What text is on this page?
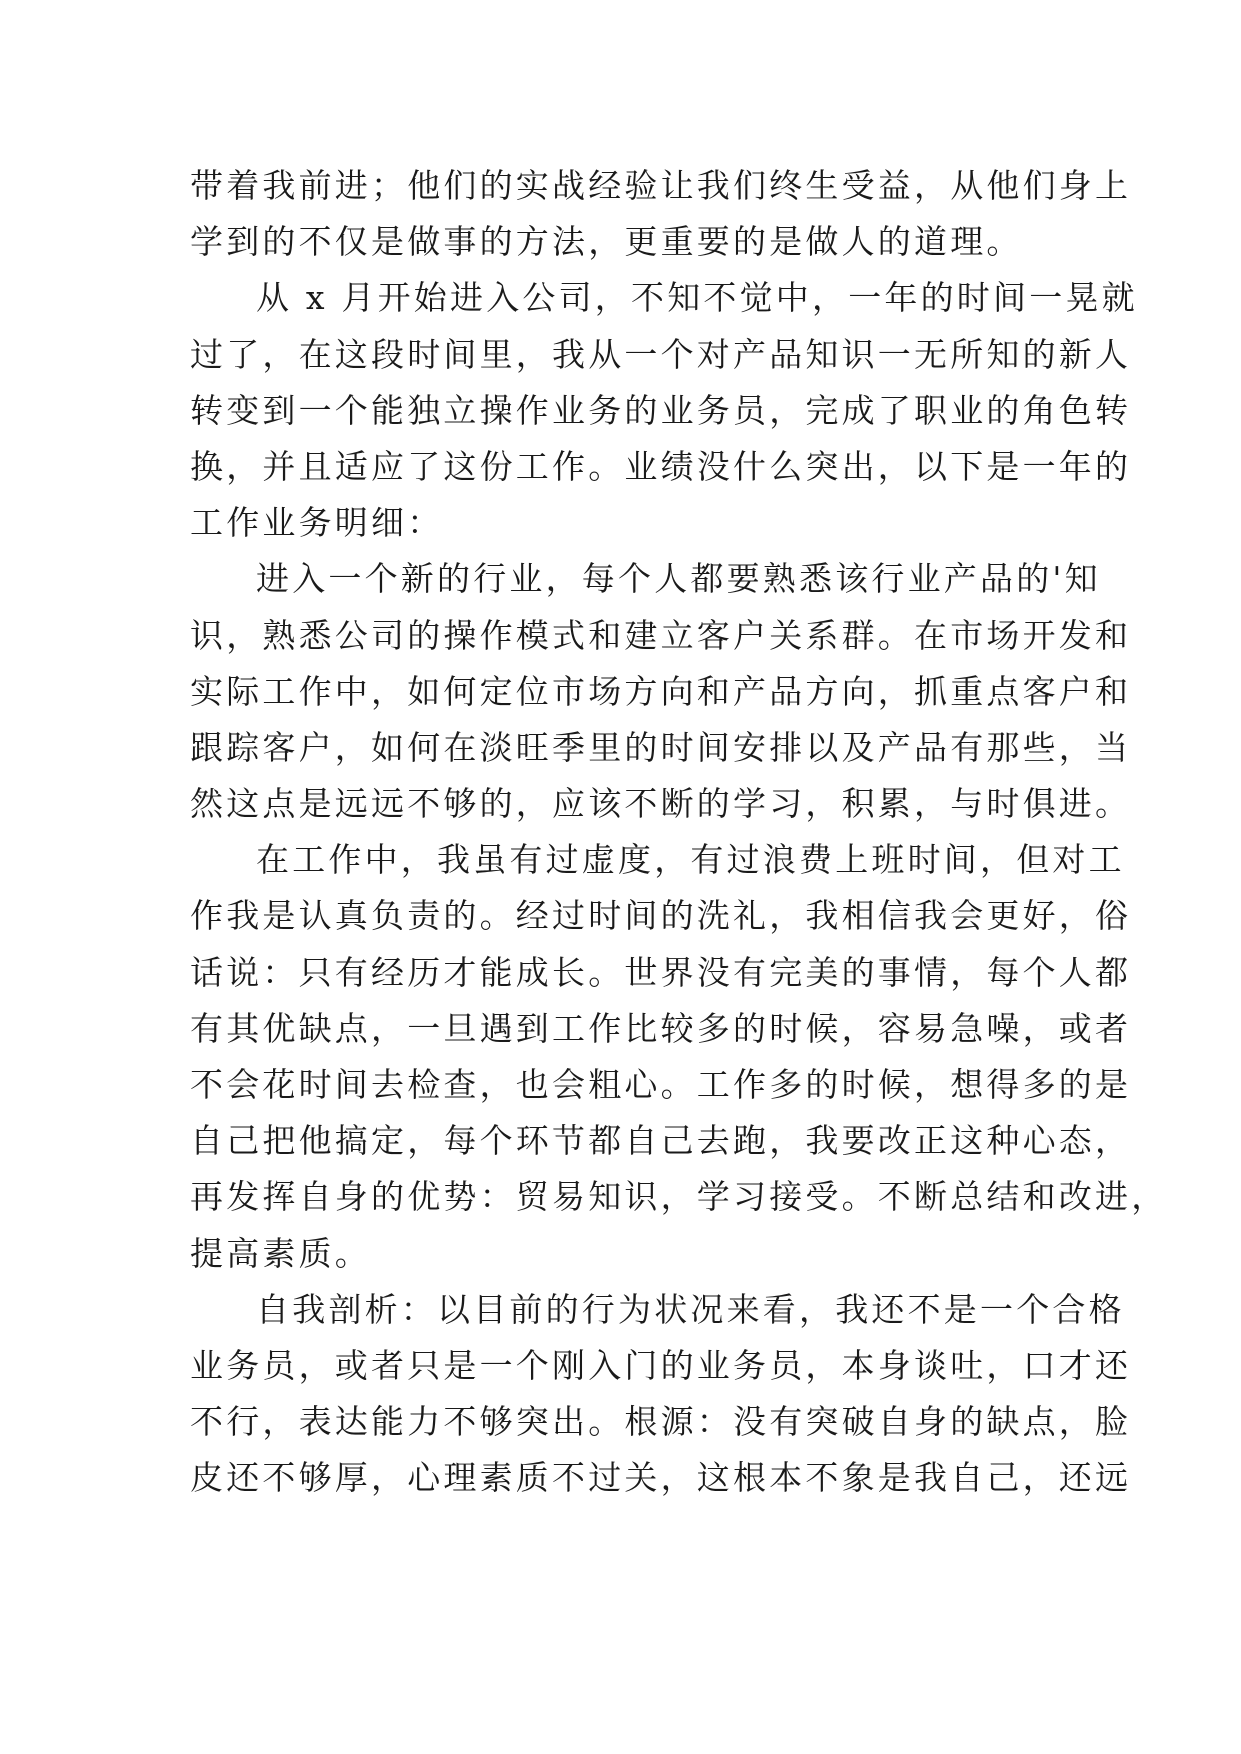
带着我前进；他们的实战经验让我们终生受益，从他们身上
学到的不仅是做事的方法，更重要的是做人的道理。
从 x 月开始进入公司，不知不觉中，一年的时间一晃就
过了，在这段时间里，我从一个对产品知识一无所知的新人
转变到一个能独立操作业务的业务员，完成了职业的角色转
换，并且适应了这份工作。业绩没什么突出，以下是一年的
工作业务明细：
进入一个新的行业，每个人都要熟悉该行业产品的'知
识，熟悉公司的操作模式和建立客户关系群。在市场开发和
实际工作中，如何定位市场方向和产品方向，抓重点客户和
跟踪客户，如何在淡旺季里的时间安排以及产品有那些，当
然这点是远远不够的，应该不断的学习，积累，与时俱进。
在工作中，我虽有过虚度，有过浪费上班时间，但对工
作我是认真负责的。经过时间的洗礼，我相信我会更好，俗
话说：只有经历才能成长。世界没有完美的事情，每个人都
有其优缺点，一旦遇到工作比较多的时候，容易急噪，或者
不会花时间去检查，也会粗心。工作多的时候，想得多的是
自己把他搞定，每个环节都自己去跑，我要改正这种心态，
再发挥自身的优势：贸易知识，学习接受。不断总结和改进，
提高素质。
自我剖析：以目前的行为状况来看，我还不是一个合格
业务员，或者只是一个刚入门的业务员，本身谈吐，口才还
不行，表达能力不够突出。根源：没有突破自身的缺点，脸
皮还不够厚，心理素质不过关，这根本不象是我自己，还远
